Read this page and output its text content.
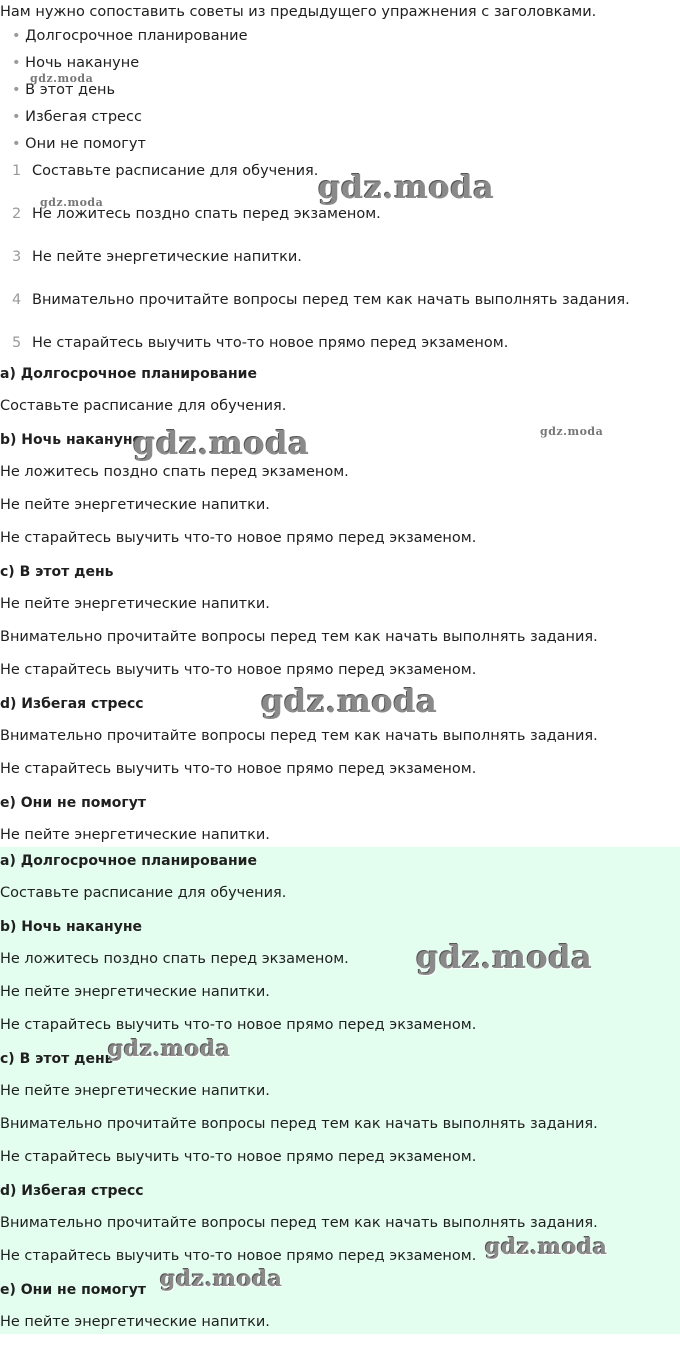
Нам нужно сопоставить советы из предыдущего упражнения с заголовками.
• Долгосрочное планирование
• Ночь накануне
• В этот день
• Избегая стресс
• Они не помогут
1 Составьте расписание для обучения.
2 Не ложитесь поздно спать перед экзаменом.
3 Не пейте энергетические напитки.
4 Внимательно прочитайте вопросы перед тем как начать выполнять задания.
5 Не старайтесь выучить что-то новое прямо перед экзаменом.
а) Долгосрочное планирование
Составьте расписание для обучения.
b) Ночь накануне
Не ложитесь поздно спать перед экзаменом.
Не пейте энергетические напитки.
Не старайтесь выучить что-то новое прямо перед экзаменом.
с) В этот день
Не пейте энергетические напитки.
Внимательно прочитайте вопросы перед тем как начать выполнять задания.
Не старайтесь выучить что-то новое прямо перед экзаменом.
d) Избегая стресс
Внимательно прочитайте вопросы перед тем как начать выполнять задания.
Не старайтесь выучить что-то новое прямо перед экзаменом.
e) Они не помогут
Не пейте энергетические напитки.
а) Долгосрочное планирование
Составьте расписание для обучения.
b) Ночь накануне
Не ложитесь поздно спать перед экзаменом.
Не пейте энергетические напитки.
Не старайтесь выучить что-то новое прямо перед экзаменом.
с) В этот день
Не пейте энергетические напитки.
Внимательно прочитайте вопросы перед тем как начать выполнять задания.
Не старайтесь выучить что-то новое прямо перед экзаменом.
d) Избегая стресс
Внимательно прочитайте вопросы перед тем как начать выполнять задания.
Не старайтесь выучить что-то новое прямо перед экзаменом.
e) Они не помогут
Не пейте энергетические напитки.
gdz.moda
gdz.moda
gdz.moda
gdz.moda	gdz.moda
gdz.moda
gdz.moda
gdz.moda
gdz.moda
gdz.moda
